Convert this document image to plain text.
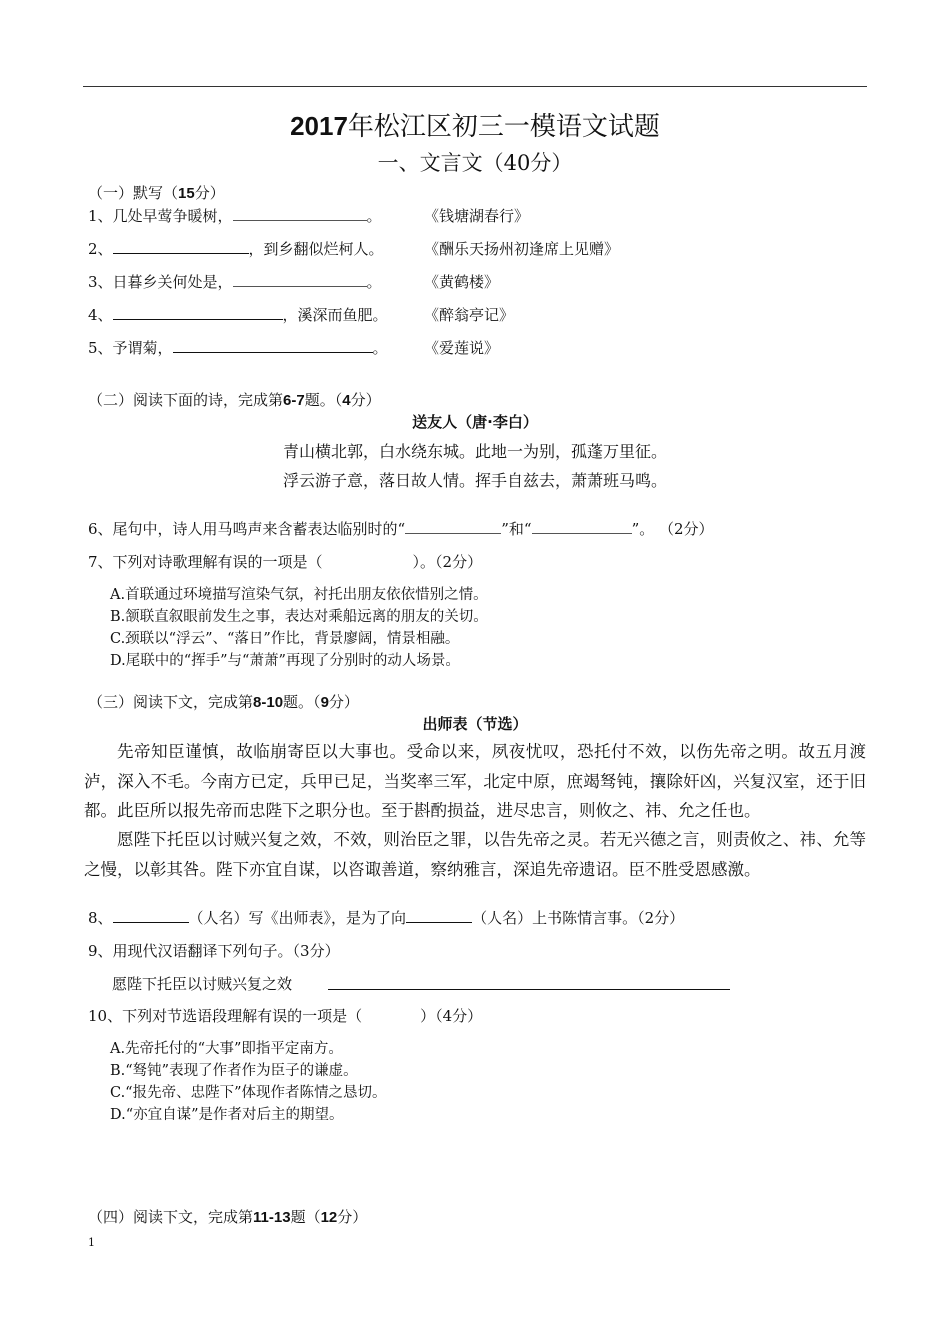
2017年松江区初三一模语文试题
一、文言文（40分）
（一）默写（15分）
1、几处早莺争暖树，	。	《钱塘湖春行》
2、	，到乡翻似烂柯人。	《酬乐天扬州初逢席上见赠》
3、日暮乡关何处是，	。	《黄鹤楼》
4、	，溪深而鱼肥。 《醉翁亭记》
5、予谓菊，	。 《爱莲说》
（二）阅读下面的诗，完成第6-7题。（4分）
送友人（唐·李白）
青山横北郭，白水绕东城。此地一为别，孤蓬万里征。
浮云游子意，落日故人情。挥手自兹去，萧萧班马鸣。
6、尾句中，诗人用马鸣声来含蓄表达临别时的“	”和“	”。 （2分）
7、下列对诗歌理解有误的一项是（	）。（2分）
A.首联通过环境描写渲染气氛，衬托出朋友依依惜别之情。
B.颔联直叙眼前发生之事，表达对乘船远离的朋友的关切。
C.颈联以“浮云”、“落日”作比，背景廖阔，情景相融。
D.尾联中的“挥手”与“萧萧”再现了分别时的动人场景。
（三）阅读下文，完成第8-10题。（9分）
出师表（节选）

先帝知臣谨慎，故临崩寄臣以大事也。受命以来，夙夜忧叹，恐托付不效，以伤先帝之明。故五月渡泸，深入不毛。今南方已定，兵甲已足，当奖率三军，北定中原，庶竭驽钝，攘除奸凶，兴复汉室，还于旧都。此臣所以报先帝而忠陛下之职分也。至于斟酌损益，进尽忠言，则攸之、祎、允之任也。

愿陛下托臣以讨贼兴复之效，不效，则治臣之罪，以告先帝之灵。若无兴德之言，则责攸之、祎、允等之慢，以彰其咎。陛下亦宜自谋，以咨诹善道，察纳雅言，深追先帝遗诏。臣不胜受恩感激。

8、	（人名）写《出师表》，是为了向	（人名）上书陈情言事。（2分）
9、用现代汉语翻译下列句子。（3分）
愿陛下托臣以讨贼兴复之效
10、下列对节选语段理解有误的一项是（	）（4分）
A.先帝托付的“大事”即指平定南方。
B.“驽钝”表现了作者作为臣子的谦虚。
C.“报先帝、忠陛下”体现作者陈情之恳切。
D.“亦宜自谋”是作者对后主的期望。
（四）阅读下文，完成第11-13题（12分）
1
